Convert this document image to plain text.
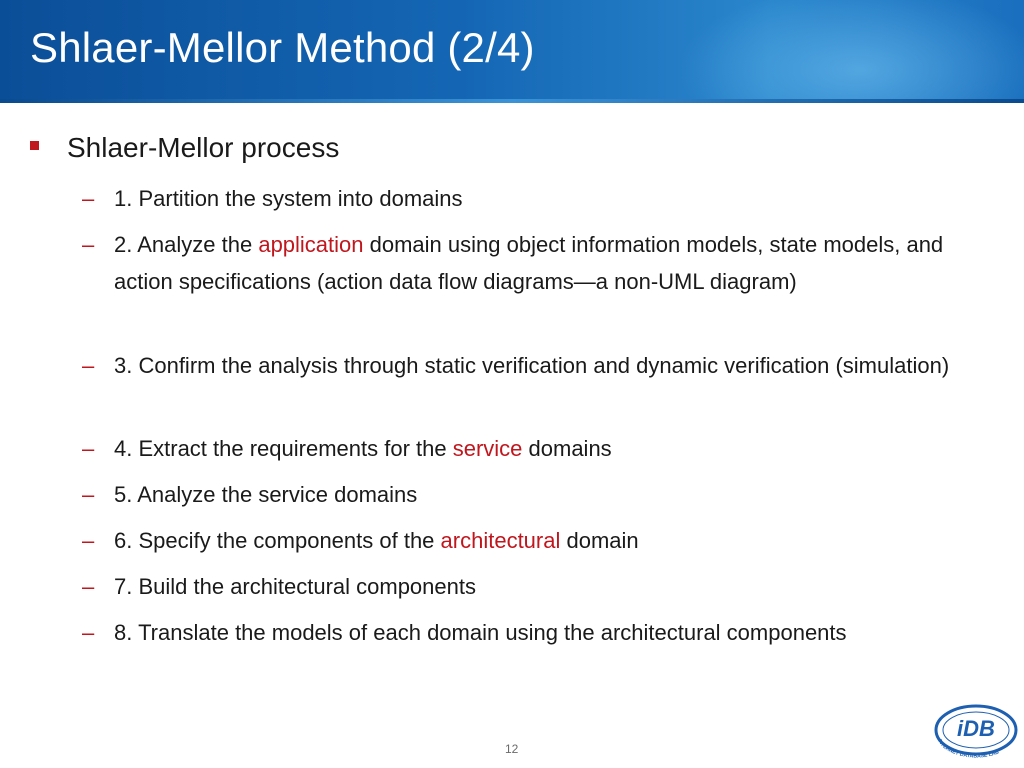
Shlaer-Mellor Method (2/4)
Shlaer-Mellor process
– 1. Partition the system into domains
– 2. Analyze the application domain using object information models, state models, and action specifications (action data flow diagrams—a non-UML diagram)
– 3. Confirm the analysis through static verification and dynamic verification (simulation)
– 4. Extract the requirements for the service domains
– 5. Analyze the service domains
– 6. Specify the components of the architectural domain
– 7. Build the architectural components
– 8. Translate the models of each domain using the architectural components
12
iDB
INTERNET DATABASE LAB
